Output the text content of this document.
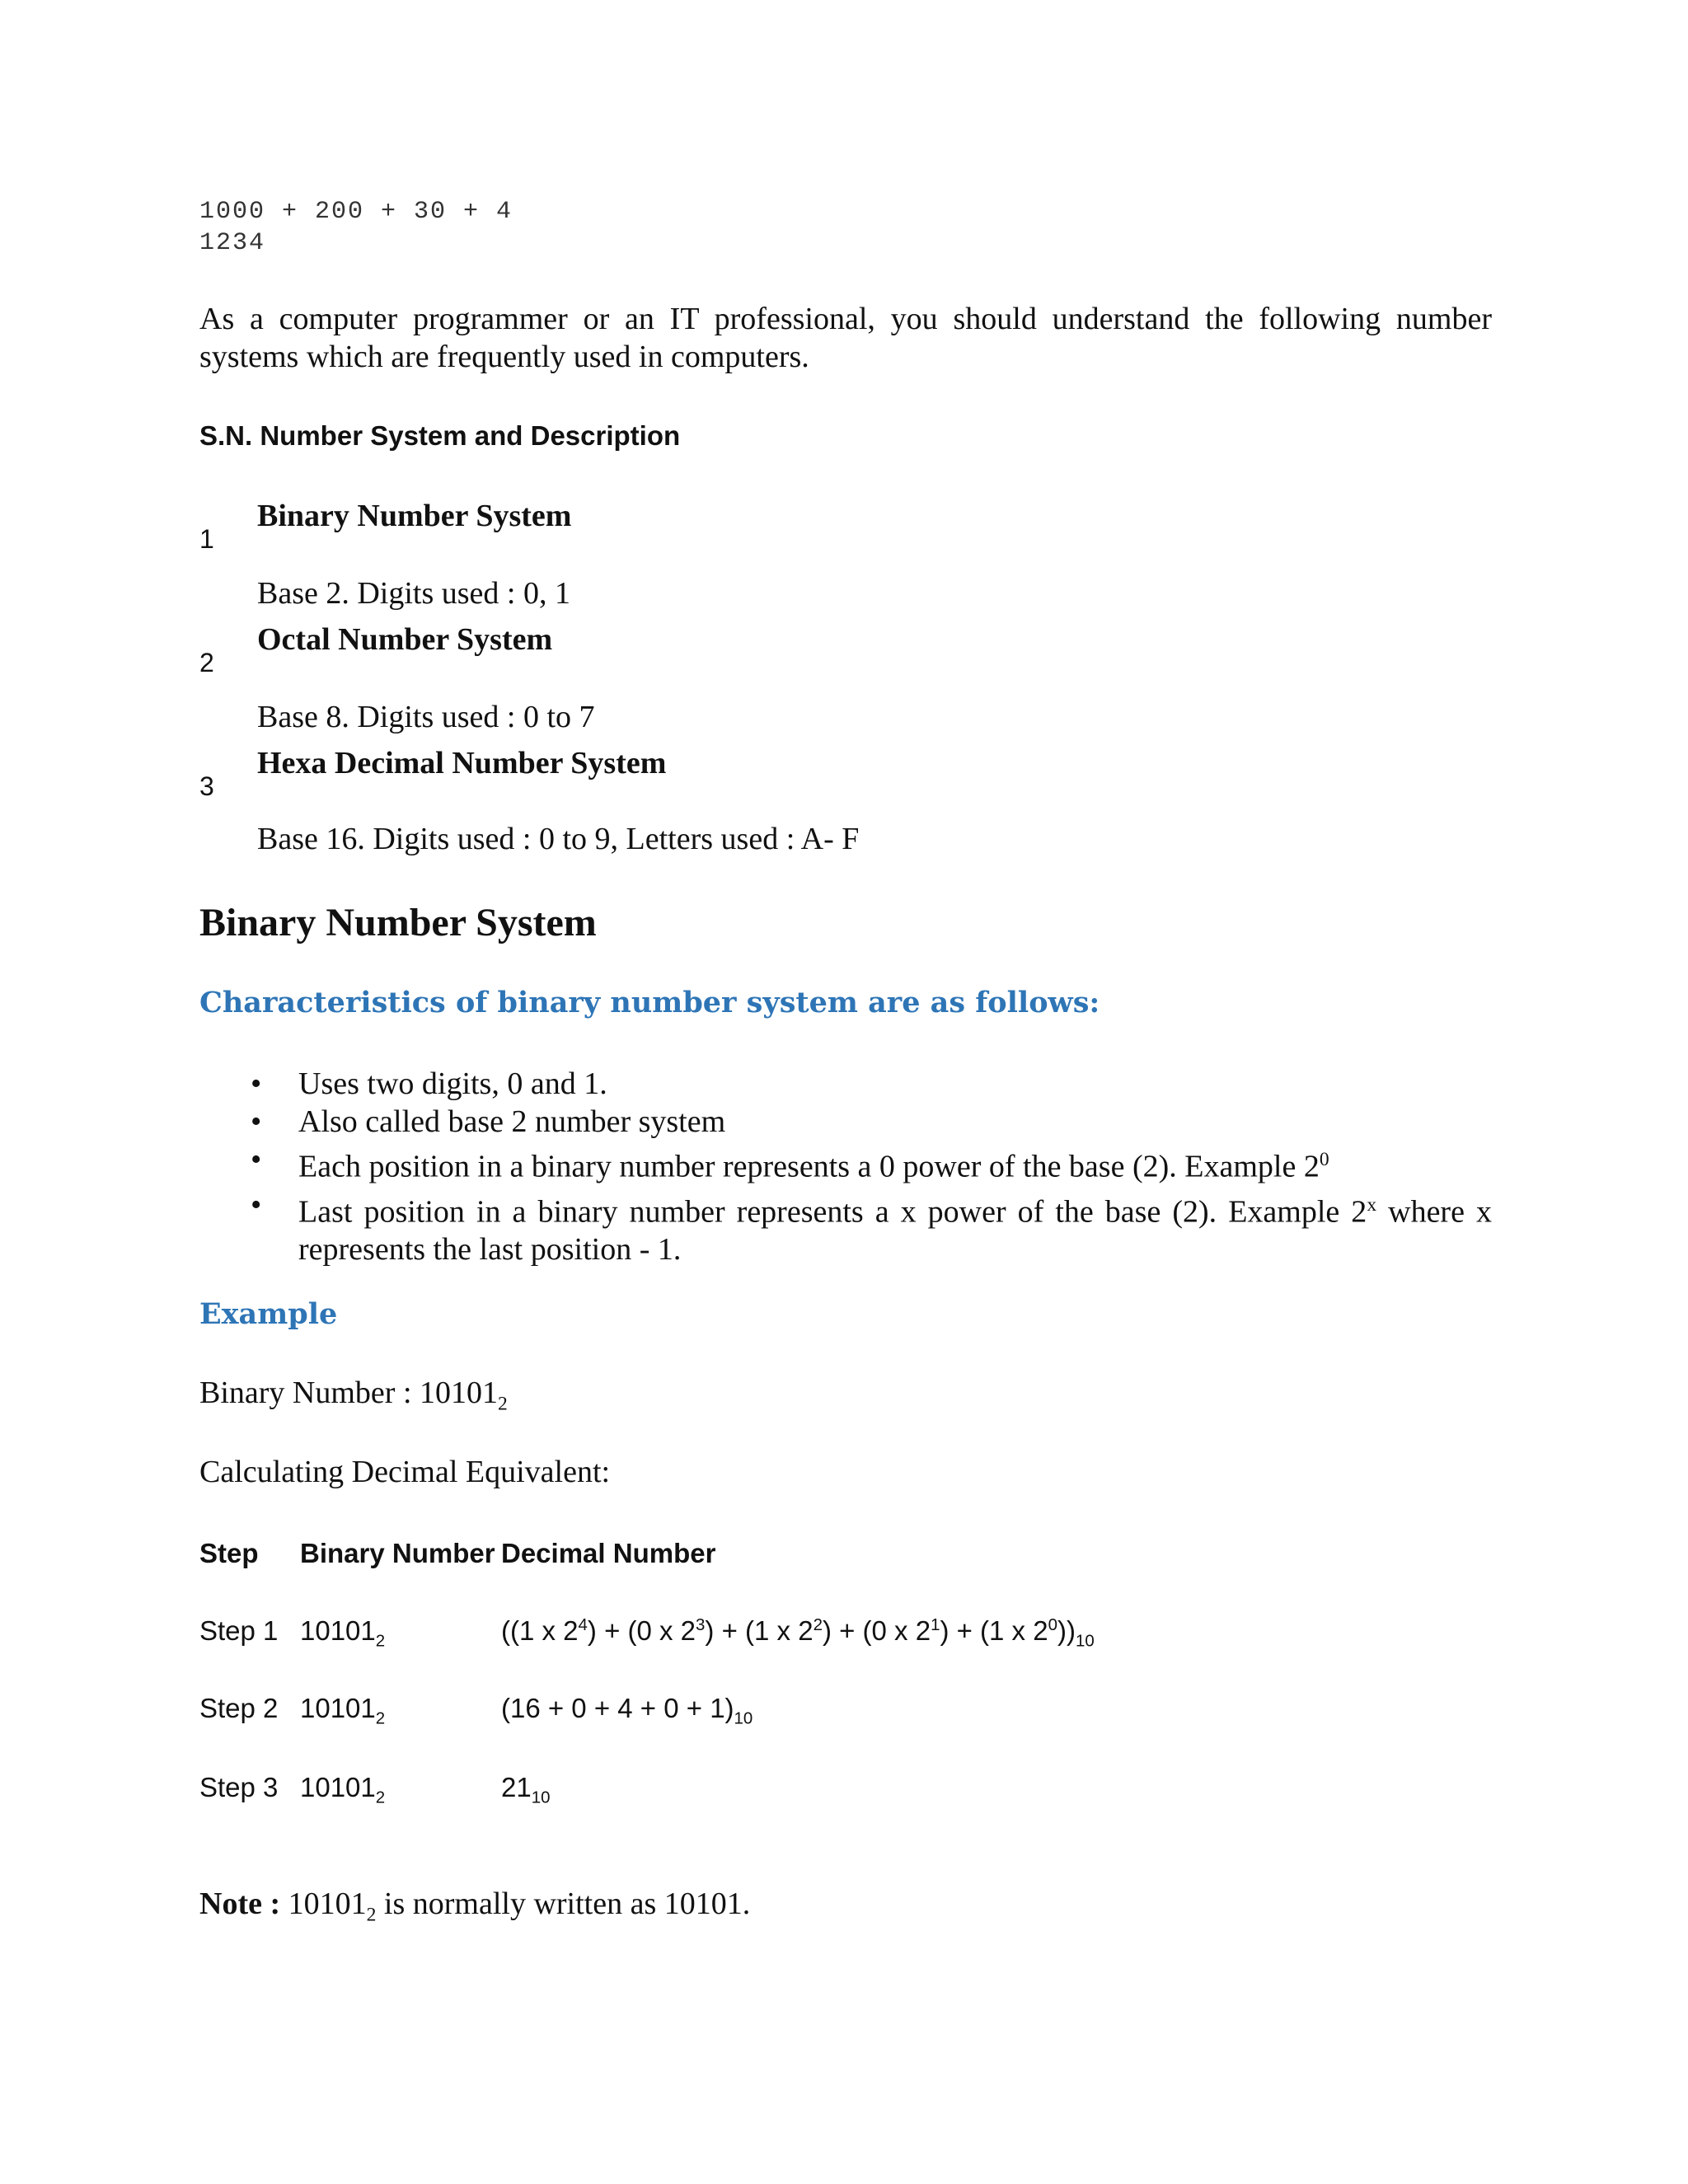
1000 + 200 + 30 + 4
1234
As a computer programmer or an IT professional, you should understand the following number systems which are frequently used in computers.
S.N. Number System and Description
1
Binary Number System
Base 2. Digits used : 0, 1
2
Octal Number System
Base 8. Digits used : 0 to 7
3
Hexa Decimal Number System
Base 16. Digits used : 0 to 9, Letters used : A- F
Binary Number System
Characteristics of binary number system are as follows:
• Uses two digits, 0 and 1.
• Also called base 2 number system
• Each position in a binary number represents a 0 power of the base (2). Example $2^0$
• Last position in a binary number represents a x power of the base (2). Example 2$^x$ where x represents the last position - 1.
Example
Binary Number : $10101_2$
Calculating Decimal Equivalent:
Step Binary Number Decimal Number
Step 1 $10101_2$	((1 x $2^4) + (0$ x $2^3) + (1$ x $2^2) + (0$ x $2^1) + (1$ x $2^0))_{10}$
Step 2 $10101_2$	$(16 + 0 + 4 + 0 + 1)_{10}$
Step 3 $10101_2$	$21_{10}$
Note : $10101_2$ is normally written as 10101.
